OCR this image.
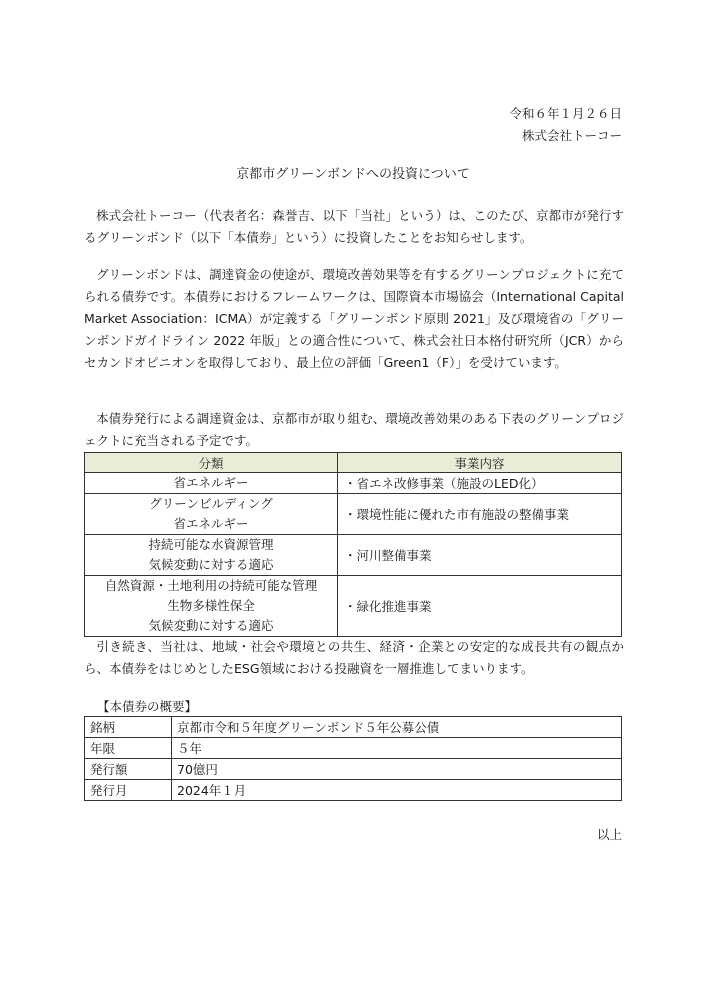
令和６年１月２６日
株式会社トーコー
京都市グリーンボンドへの投資について
株式会社トーコー（代表者名：森誉吉、以下「当社」という）は、このたび、京都市が発行するグリーンボンド（以下「本債券」という）に投資したことをお知らせします。
グリーンボンドは、調達資金の使途が、環境改善効果等を有するグリーンプロジェクトに充てられる債券です。本債券におけるフレームワークは、国際資本市場協会（International Capital Market Association：ICMA）が定義する「グリーンボンド原則 2021」及び環境省の「グリーンボンドガイドライン 2022 年版」との適合性について、株式会社日本格付研究所（JCR）からセカンドオピニオンを取得しており、最上位の評価「Green1（F）」を受けています。
本債券発行による調達資金は、京都市が取り組む、環境改善効果のある下表のグリーンプロジェクトに充当される予定です。
分類	事業内容

省エネルギー	・省エネ改修事業（施設のLED化）

グリーンビルディング
省エネルギー	・環境性能に優れた市有施設の整備事業

持続可能な水資源管理
気候変動に対する適応	・河川整備事業

自然資源・土地利用の持続可能な管理
生物多様性保全
気候変動に対する適応	・緑化推進事業
引き続き、当社は、地域・社会や環境との共生、経済・企業との安定的な成長共有の観点から、本債券をはじめとしたESG領域における投融資を一層推進してまいります。
【本債券の概要】
銘柄	京都市令和５年度グリーンボンド５年公募公債
年限	５年
発行額	70億円
発行月	2024年１月
以上
